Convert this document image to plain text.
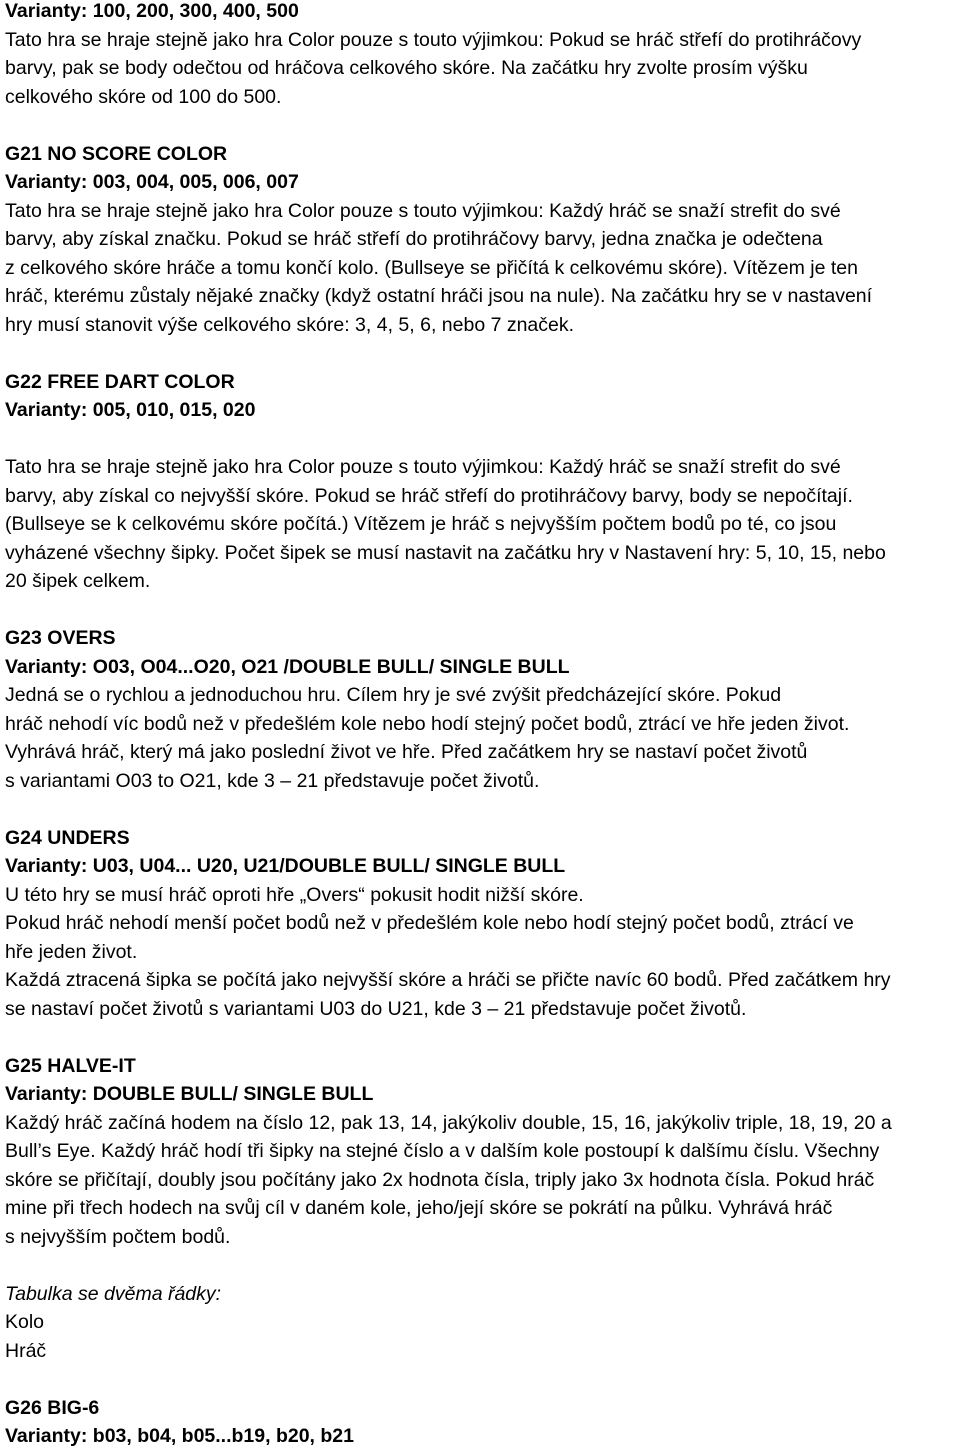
Varianty: 100, 200, 300, 400, 500
Tato hra se hraje stejně jako hra Color pouze s touto výjimkou: Pokud se hráč střefí do protihráčovy
barvy, pak se body odečtou od hráčova celkového skóre. Na začátku hry zvolte prosím výšku
celkového skóre od 100 do 500.
G21 NO SCORE COLOR
Varianty: 003, 004, 005, 006, 007
Tato hra se hraje stejně jako hra Color pouze s touto výjimkou: Každý hráč se snaží strefit do své
barvy, aby získal značku. Pokud se hráč střefí do protihráčovy barvy, jedna značka je odečtena
z celkového skóre hráče a tomu končí kolo. (Bullseye se přičítá k celkovému skóre). Vítězem je ten
hráč, kterému zůstaly nějaké značky (když ostatní hráči jsou na nule). Na začátku hry se v nastavení
hry musí stanovit výše celkového skóre: 3, 4, 5, 6, nebo 7 značek.
G22 FREE DART COLOR
Varianty: 005, 010, 015, 020
Tato hra se hraje stejně jako hra Color pouze s touto výjimkou: Každý hráč se snaží strefit do své
barvy, aby získal co nejvyšší skóre. Pokud se hráč střefí do protihráčovy barvy, body se nepočítají.
(Bullseye se k celkovému skóre počítá.) Vítězem je hráč s nejvyšším počtem bodů po té, co jsou
vyházené všechny šipky. Počet šipek se musí nastavit na začátku hry v Nastavení hry: 5, 10, 15, nebo
20 šipek celkem.
G23 OVERS
Varianty: O03, O04...O20, O21 /DOUBLE BULL/ SINGLE BULL
Jedná se o rychlou a jednoduchou hru. Cílem hry je své zvýšit předcházející skóre. Pokud
hráč nehodí víc bodů než v předešlém kole nebo hodí stejný počet bodů, ztrácí ve hře jeden život.
Vyhrává hráč, který má jako poslední život ve hře. Před začátkem hry se nastaví počet životů
s variantami O03 to O21, kde 3 – 21 představuje počet životů.
G24 UNDERS
Varianty: U03, U04... U20, U21/DOUBLE BULL/ SINGLE BULL
U této hry se musí hráč oproti hře „Overs“ pokusit hodit nižší skóre.
Pokud hráč nehodí menší počet bodů než v předešlém kole nebo hodí stejný počet bodů, ztrácí ve
hře jeden život.
Každá ztracená šipka se počítá jako nejvyšší skóre a hráči se přičte navíc 60 bodů. Před začátkem hry
se nastaví počet životů s variantami U03 do U21, kde 3 – 21 představuje počet životů.
G25 HALVE-IT
Varianty: DOUBLE BULL/ SINGLE BULL
Každý hráč začíná hodem na číslo 12, pak 13, 14, jakýkoliv double, 15, 16, jakýkoliv triple, 18, 19, 20 a
Bull’s Eye. Každý hráč hodí tři šipky na stejné číslo a v dalším kole postoupí k dalšímu číslu. Všechny
skóre se přičítají, doubly jsou počítány jako 2x hodnota čísla, triply jako 3x hodnota čísla. Pokud hráč
mine při třech hodech na svůj cíl v daném kole, jeho/její skóre se pokrátí na půlku. Vyhrává hráč
s nejvyšším počtem bodů.
Tabulka se dvěma řádky:
Kolo
Hráč
G26 BIG-6
Varianty: b03, b04, b05...b19, b20, b21
